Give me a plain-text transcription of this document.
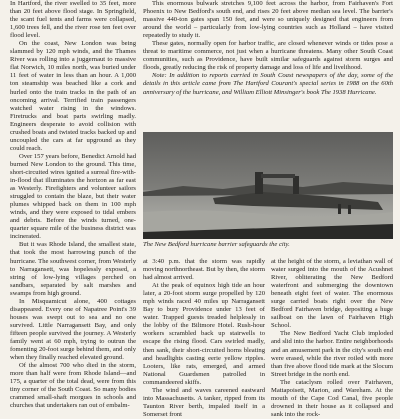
In Hartford, the river swelled to 35 feet, more than 20 feet above flood stage. In Springfield, the scant fuel tents and farms were collapsed, 1,600 trees fell, and the river rose ten feet over flood level.

On the coast, New London was being slammed by 120 mph winds, and the Thames River was rolling into a juggernaut to massive flat Norwich, 10 miles north, was buried under 11 feet of water in less than an hour. A 1,000 ton steamship was beached like a cork and hurled onto the train tracks in the path of an oncoming arrival. Terrified train passengers watched water rising in the windows. Firetrucks and boat parts swirling madly. Engineers desperate to avoid collision with crushed boats and twisted tracks backed up and uncoupled the cars at far upground as they could reach.

Over 157 years before, Benedict Arnold had burned New London to the ground. This time, short-circuited wires ignited a surreal fire-with-in-flood that illuminates the horizon as far east as Westerly. Firefighters and volunteer sailors struggled to contain the blaze, but their water plumes whipped back on them in 100 mph winds, and they were exposed to tidal embers and debris. Before the winds turned, one-quarter square mile of the business district was incinerated.

But it was Rhode Island, the smallest state, that took the most harrowing punch of the hurricane. The southwest corner, from Westerly to Narragansett, was hopelessly exposed, a string of low-lying villages perched on sandbars, separated by salt marshes and swamps from high ground.

In Misquamicut alone, 400 cottages disappeared. Every one of Napatree Point's 39 houses was swept out to sea and no one survived. Little Narragansett Bay, and only fifteen people survived the journey. A Westerly family went at 60 mph, trying to outrun the fomenting 20-foot surge behind them, and only when they finally reached elevated ground.

Of the almost 700 who died in the storm, more than half were from Rhode Island—and 175, a quarter of the total dead, were from this tiny corner of the South Coast. So many bodies crammed small-shaft morgues in schools and churches that undertakers ran out of embalm-

This enormous bulwark stretches 9,100 feet across the harbor, from Fairhaven's Fort Phoenix to New Bedford's south end, and rises 20 feet above median sea level. The barrier's massive 440-ton gates span 150 feet, and were so uniquely designed that engineers from around the world – particularly from low-lying countries such as Holland – have visited repeatedly to study it.

These gates, normally open for harbor traffic, are closed whenever winds or tides pose a threat to maritime commerce, not just when a hurricane threatens. Many other South Coast communities, such as Providence, have built similar safeguards against storm surges and floods, greatly reducing the risk of property damage and loss of life and livelihood.

Note: In addition to reports carried in South Coast newspapers of the day, some of the details in this article came from The Hartford Courant's special series in 1988 on the 60th anniversary of the hurricane, and William Elliott Minsinger's book The 1938 Hurricane.

The New Bedford hurricane barrier safeguards the city.

at 3:40 p.m. that the storm was rapidly moving northnortheast. But by then, the storm had almost arrived.

At the peak of equinox high tide an hour later, a 20-foot storm surge propelled by 120 mph winds raced 40 miles up Narragansett Bay to bury Providence under 13 feet of water. Trapped guests treaded helplessly in the lobby of the Biltmore Hotel. Rush-hour workers scrambled back up stairwells to escape the rising flood. Cars swirled madly, then sank, their short-circuited horns bleating and headlights casting eerie yellow ripples. Looters, like rats, emerged, and armed National Guardsmen patrolled in commandeered skiffs.

The wind and waves careened eastward into Massachusetts. A tanker, ripped from its Taunton River berth, impaled itself in a Somerset front

at the height of the storm, a leviathan wall of water surged into the mouth of the Acushnet River, obliterating the New Bedford waterfront and submerging the downtown beneath eight feet of water. The enormous surge carried boats right over the New Bedford Fairhaven bridge, depositing a huge sailboat on the lawn of Fairhaven High School.

The New Bedford Yacht Club imploded and slid into the harbor. Entire neighborhoods and an amusement park in the city's south end were erased, while the river roiled with more than five above flood tide mark at the Slocum Street bridge in the north end.

The cataclysm rolled over Fairhaven, Mattapoisett, Marion, and Wareham. At the mouth of the Cape Cod Canal, five people drowned in their house as it collapsed and sank into the rock-
